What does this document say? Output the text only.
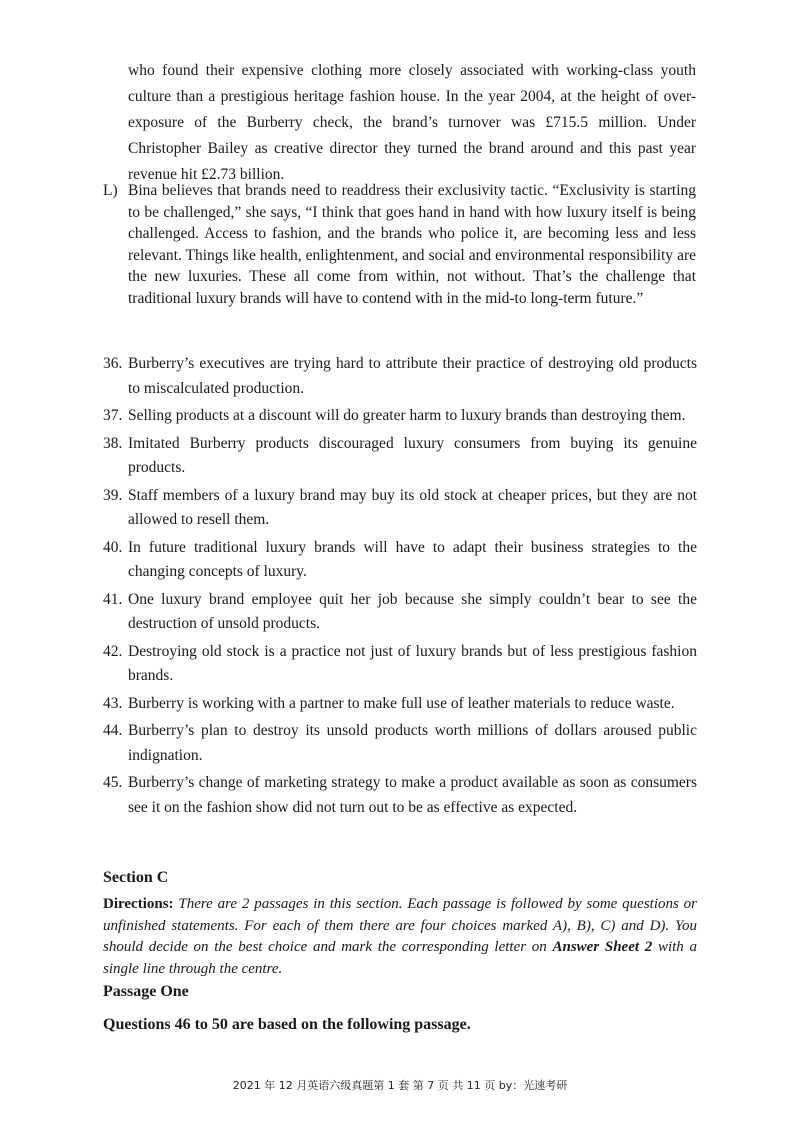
who found their expensive clothing more closely associated with working-class youth culture than a prestigious heritage fashion house. In the year 2004, at the height of over-exposure of the Burberry check, the brand’s turnover was £715.5 million. Under Christopher Bailey as creative director they turned the brand around and this past year revenue hit £2.73 billion.

L) Bina believes that brands need to readdress their exclusivity tactic. “Exclusivity is starting to be challenged,” she says, “I think that goes hand in hand with how luxury itself is being challenged. Access to fashion, and the brands who police it, are becoming less and less relevant. Things like health, enlightenment, and social and environmental responsibility are the new luxuries. These all come from within, not without. That’s the challenge that traditional luxury brands will have to contend with in the mid-to long-term future.”
36. Burberry’s executives are trying hard to attribute their practice of destroying old products to miscalculated production.
37. Selling products at a discount will do greater harm to luxury brands than destroying them.
38. Imitated Burberry products discouraged luxury consumers from buying its genuine products.
39. Staff members of a luxury brand may buy its old stock at cheaper prices, but they are not allowed to resell them.
40. In future traditional luxury brands will have to adapt their business strategies to the changing concepts of luxury.
41. One luxury brand employee quit her job because she simply couldn’t bear to see the destruction of unsold products.
42. Destroying old stock is a practice not just of luxury brands but of less prestigious fashion brands.
43. Burberry is working with a partner to make full use of leather materials to reduce waste.
44. Burberry’s plan to destroy its unsold products worth millions of dollars aroused public indignation.
45. Burberry’s change of marketing strategy to make a product available as soon as consumers see it on the fashion show did not turn out to be as effective as expected.
Section C

Directions: There are 2 passages in this section. Each passage is followed by some questions or unfinished statements. For each of them there are four choices marked A), B), C) and D). You should decide on the best choice and mark the corresponding letter on Answer Sheet 2 with a single line through the centre.

Passage One

Questions 46 to 50 are based on the following passage.

2021 年 12 月英语六级真题第 1 套 第 7 页 共 11 页 by：光速考研
